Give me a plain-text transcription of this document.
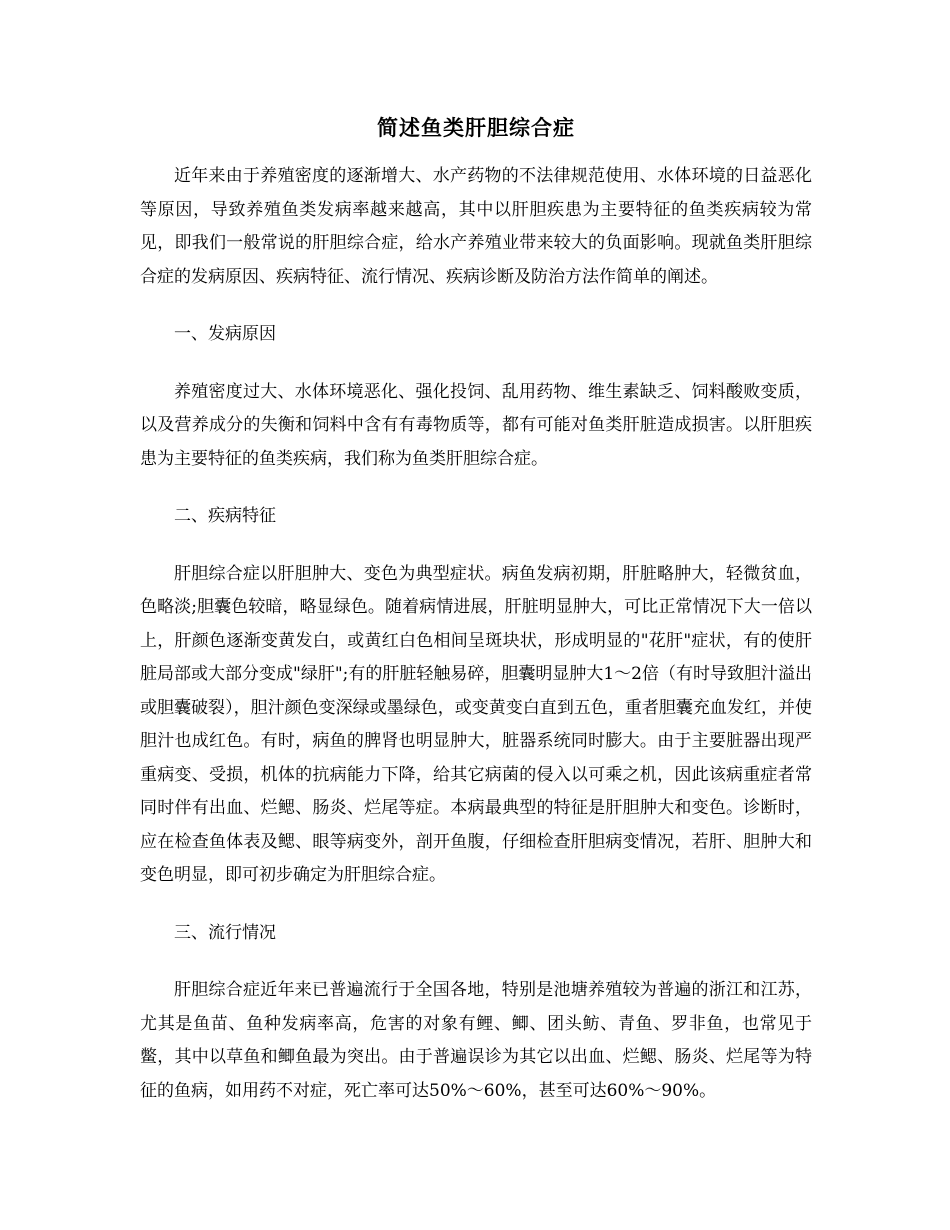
简述鱼类肝胆综合症

近年来由于养殖密度的逐渐增大、水产药物的不法律规范使用、水体环境的日益恶化等原因，导致养殖鱼类发病率越来越高，其中以肝胆疾患为主要特征的鱼类疾病较为常见，即我们一般常说的肝胆综合症，给水产养殖业带来较大的负面影响。现就鱼类肝胆综合症的发病原因、疾病特征、流行情况、疾病诊断及防治方法作简单的阐述。

一、发病原因

养殖密度过大、水体环境恶化、强化投饲、乱用药物、维生素缺乏、饲料酸败变质，以及营养成分的失衡和饲料中含有有毒物质等，都有可能对鱼类肝脏造成损害。以肝胆疾患为主要特征的鱼类疾病，我们称为鱼类肝胆综合症。

二、疾病特征

肝胆综合症以肝胆肿大、变色为典型症状。病鱼发病初期，肝脏略肿大，轻微贫血，色略淡;胆囊色较暗，略显绿色。随着病情进展，肝脏明显肿大，可比正常情况下大一倍以上，肝颜色逐渐变黄发白，或黄红白色相间呈斑块状，形成明显的"花肝"症状，有的使肝脏局部或大部分变成"绿肝";有的肝脏轻触易碎，胆囊明显肿大1～2倍（有时导致胆汁溢出或胆囊破裂），胆汁颜色变深绿或墨绿色，或变黄变白直到五色，重者胆囊充血发红，并使胆汁也成红色。有时，病鱼的脾肾也明显肿大，脏器系统同时膨大。由于主要脏器出现严重病变、受损，机体的抗病能力下降，给其它病菌的侵入以可乘之机，因此该病重症者常同时伴有出血、烂鳃、肠炎、烂尾等症。本病最典型的特征是肝胆肿大和变色。诊断时，应在检查鱼体表及鳃、眼等病变外，剖开鱼腹，仔细检查肝胆病变情况，若肝、胆肿大和变色明显，即可初步确定为肝胆综合症。

三、流行情况

肝胆综合症近年来已普遍流行于全国各地，特别是池塘养殖较为普遍的浙江和江苏，尤其是鱼苗、鱼种发病率高，危害的对象有鲤、鲫、团头鲂、青鱼、罗非鱼，也常见于鳖，其中以草鱼和鲫鱼最为突出。由于普遍误诊为其它以出血、烂鳃、肠炎、烂尾等为特征的鱼病，如用药不对症，死亡率可达50%～60%，甚至可达60%～90%。
